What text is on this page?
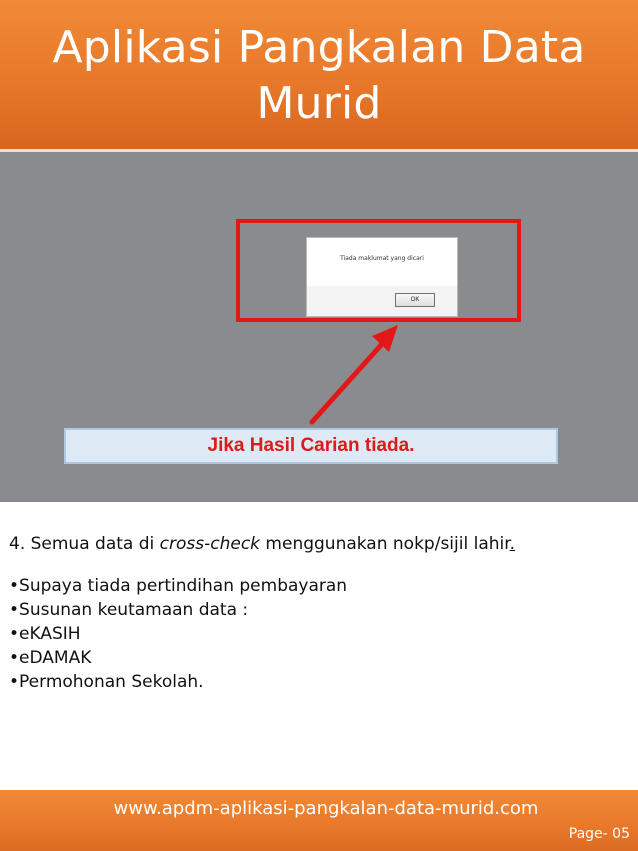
Aplikasi Pangkalan Data
Murid
Tiada maklumat yang dicari
OK
Jika Hasil Carian tiada.
4. Semua data di cross-check menggunakan nokp/sijil lahir.
•Supaya tiada pertindihan pembayaran
•Susunan keutamaan data :
•eKASIH
•eDAMAK
•Permohonan Sekolah.
www.apdm-aplikasi-pangkalan-data-murid.com
Page- 05
